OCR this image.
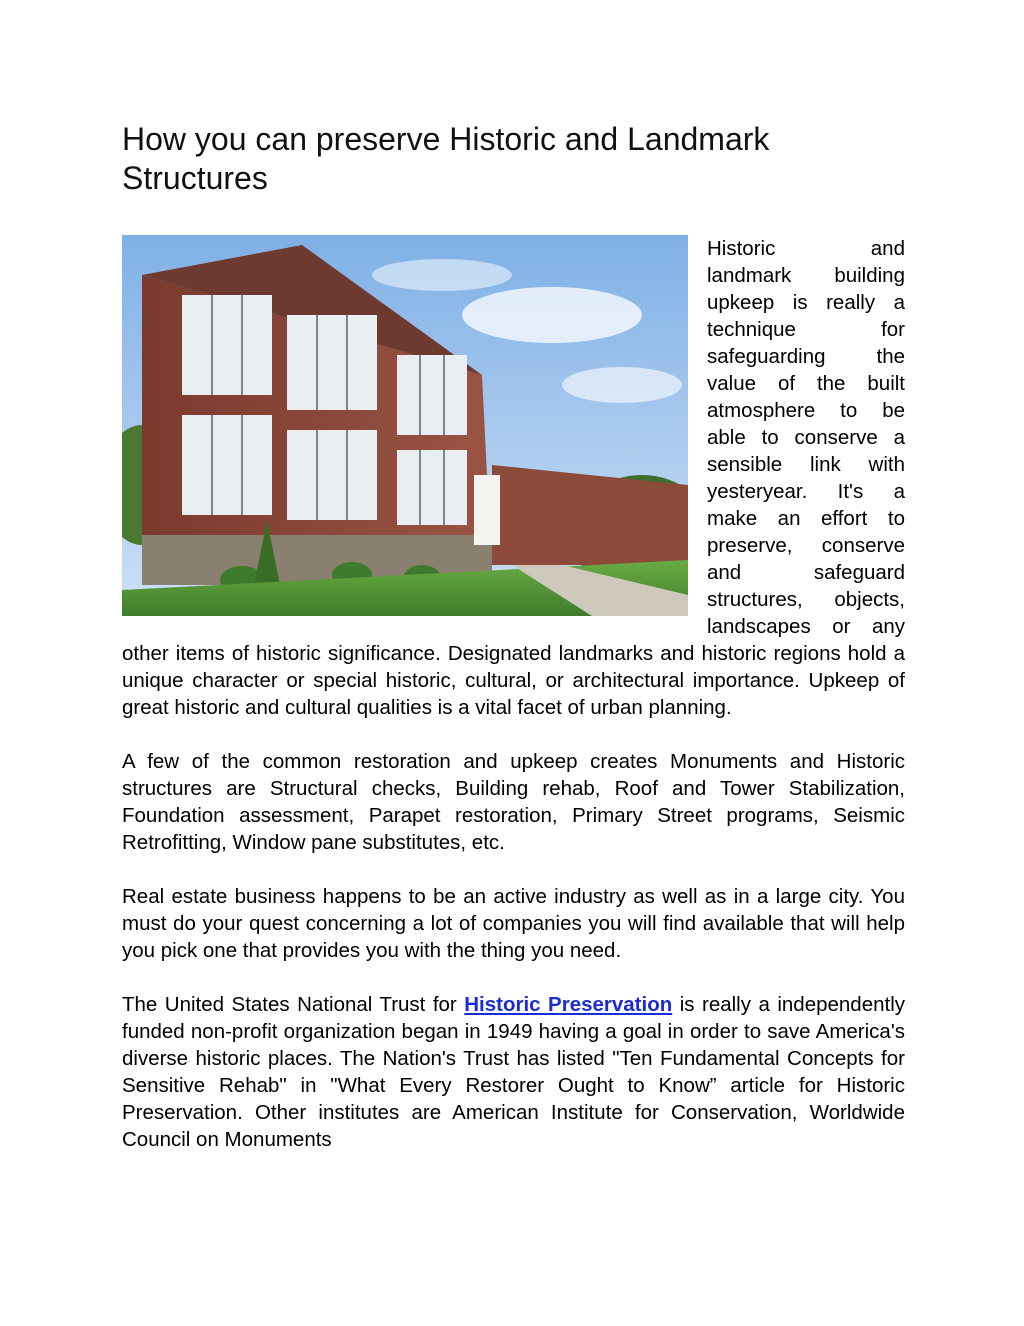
How you can preserve Historic and Landmark Structures

Historic and landmark building upkeep is really a technique for safeguarding the value of the built atmosphere to be able to conserve a sensible link with yesteryear. It's a make an effort to preserve, conserve and safeguard structures, objects, landscapes or any other items of historic significance. Designated landmarks and historic regions hold a unique character or special historic, cultural, or architectural importance. Upkeep of great historic and cultural qualities is a vital facet of urban planning.

A few of the common restoration and upkeep creates Monuments and Historic structures are Structural checks, Building rehab, Roof and Tower Stabilization, Foundation assessment, Parapet restoration, Primary Street programs, Seismic Retrofitting, Window pane substitutes, etc.

Real estate business happens to be an active industry as well as in a large city. You must do your quest concerning a lot of companies you will find available that will help you pick one that provides you with the thing you need.

The United States National Trust for Historic Preservation is really a independently funded non-profit organization began in 1949 having a goal in order to save America's diverse historic places. The Nation's Trust has listed "Ten Fundamental Concepts for Sensitive Rehab" in "What Every Restorer Ought to Know” article for Historic Preservation. Other institutes are American Institute for Conservation, Worldwide Council on Monuments
